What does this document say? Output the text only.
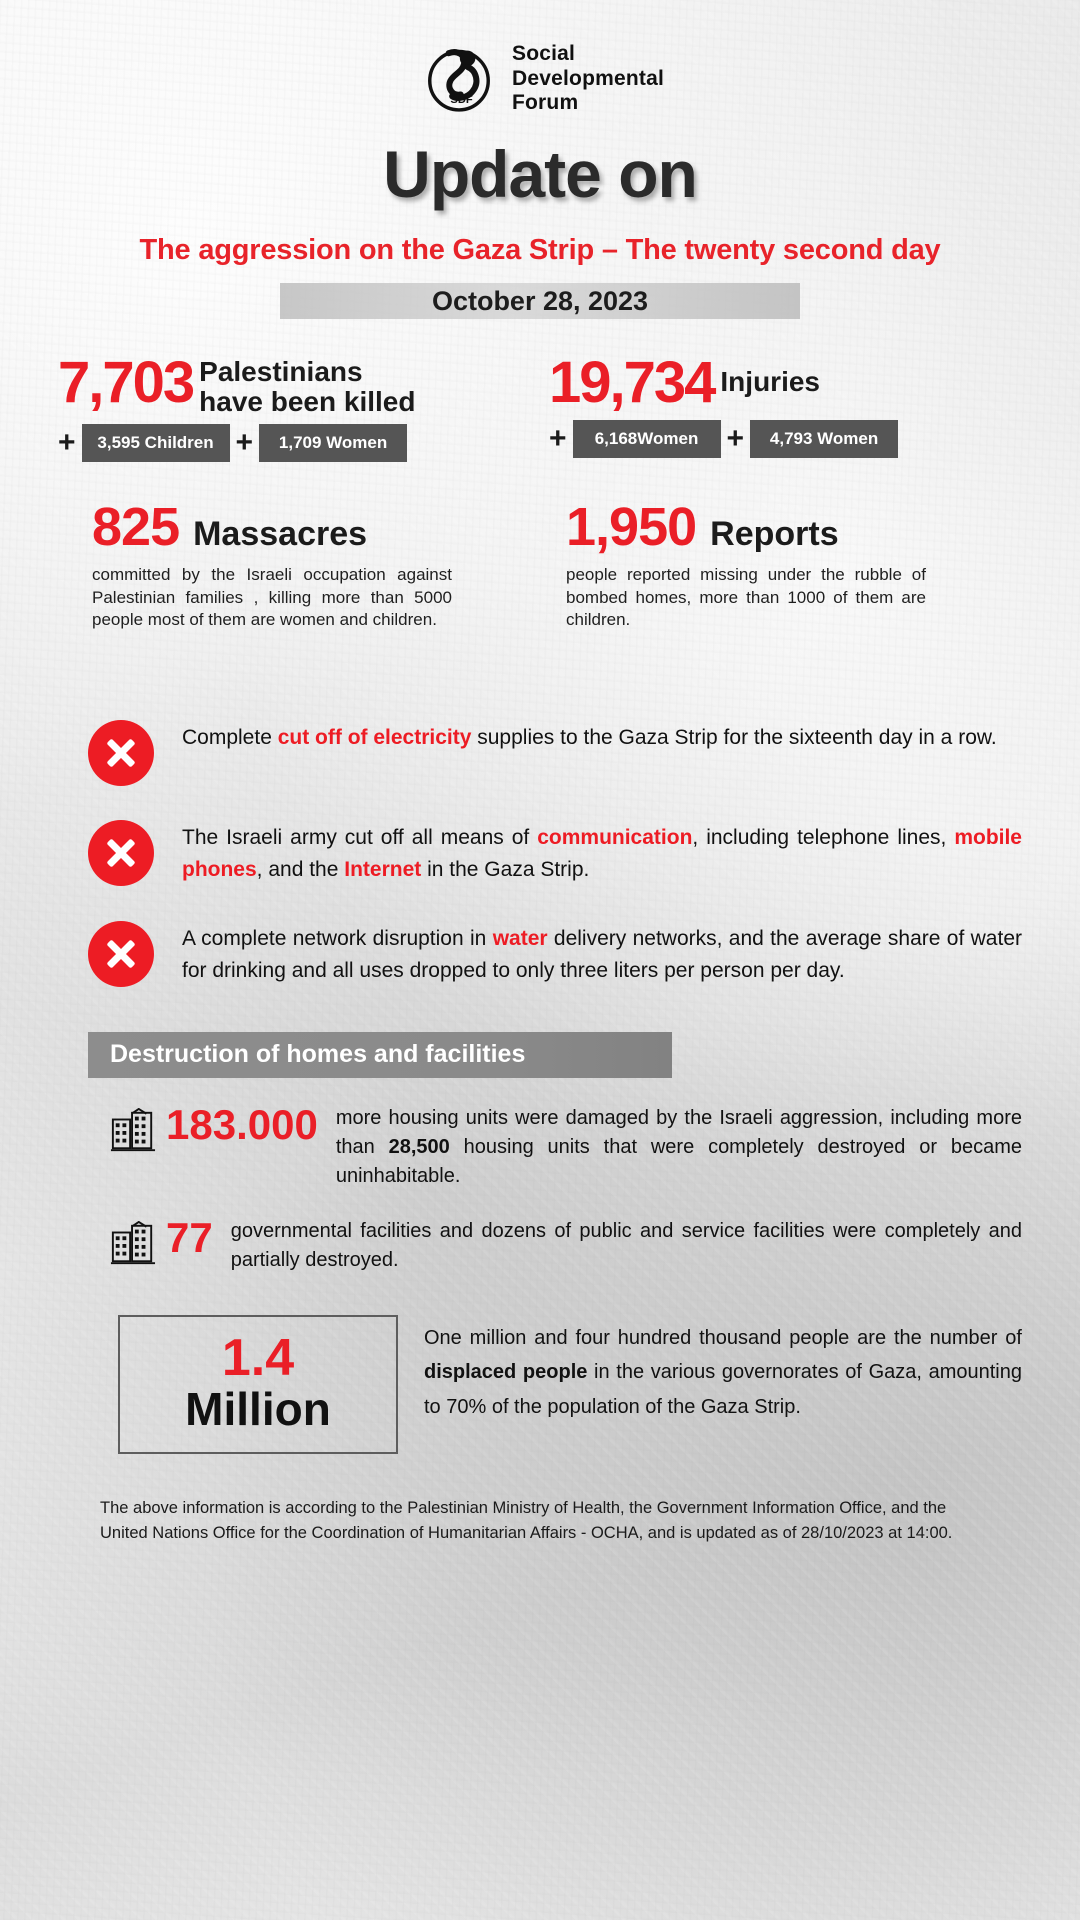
SDF
Social
Developmental
Forum
Update on
The aggression on the Gaza Strip – The twenty second day
October 28, 2023
7,703 Palestinians
have been killed
+	3,595 Children +	1,709 Women
19,734 Injuries
+	6,168Women +	4,793 Women
825 Massacres
committed by the Israeli occupation against Palestinian families , killing more than 5000 people most of them are women and children.
1,950 Reports
people reported missing under the rubble of bombed homes, more than 1000 of them are children.
Complete cut off of electricity supplies to the Gaza Strip for the sixteenth day in a row.
The Israeli army cut off all means of communication, including telephone lines, mobile phones, and the Internet in the Gaza Strip.
A complete network disruption in water delivery networks, and the average share of water for drinking and all uses dropped to only three liters per person per day.
Destruction of homes and facilities
183.000 more housing units were damaged by the Israeli aggression, including more than 28,500 housing units that were completely destroyed or became uninhabitable.
77 governmental facilities and dozens of public and service facilities were completely and partially destroyed.
1.4
Million
One million and four hundred thousand people are the number of displaced people in the various governorates of Gaza, amounting to 70% of the population of the Gaza Strip.
The above information is according to the Palestinian Ministry of Health, the Government Information Office, and the United Nations Office for the Coordination of Humanitarian Affairs - OCHA, and is updated as of 28/10/2023 at 14:00.
